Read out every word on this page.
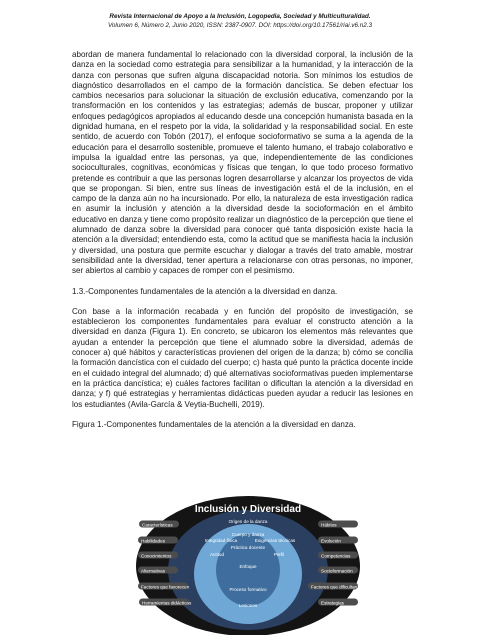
Revista Internacional de Apoyo a la Inclusión, Logopedia, Sociedad y Multiculturalidad.
Volumen 6, Número 2, Junio 2020, ISSN: 2387-0907. DOI: https://doi.org/10.17561/riai.v6.n2.3

abordan de manera fundamental lo relacionado con la diversidad corporal, la inclusión de la danza en la sociedad como estrategia para sensibilizar a la humanidad, y la interacción de la danza con personas que sufren alguna discapacidad notoria. Son mínimos los estudios de diagnóstico desarrollados en el campo de la formación dancística. Se deben efectuar los cambios necesarios para solucionar la situación de exclusión educativa, comenzando por la transformación en los contenidos y las estrategias; además de buscar, proponer y utilizar enfoques pedagógicos apropiados al educando desde una concepción humanista basada en la dignidad humana, en el respeto por la vida, la solidaridad y la responsabilidad social. En este sentido, de acuerdo con Tobón (2017), el enfoque socioformativo se suma a la agenda de la educación para el desarrollo sostenible, promueve el talento humano, el trabajo colaborativo e impulsa la igualdad entre las personas, ya que, independientemente de las condiciones socioculturales, cognitivas, económicas y físicas que tengan, lo que todo proceso formativo pretende es contribuir a que las personas logren desarrollarse y alcanzar los proyectos de vida que se propongan. Si bien, entre sus líneas de investigación está el de la inclusión, en el campo de la danza aún no ha incursionado. Por ello, la naturaleza de esta investigación radica en asumir la inclusión y atención a la diversidad desde la socioformación en el ámbito educativo en danza y tiene como propósito realizar un diagnóstico de la percepción que tiene el alumnado de danza sobre la diversidad para conocer qué tanta disposición existe hacia la atención a la diversidad; entendiendo esta, como la actitud que se manifiesta hacia la inclusión y diversidad, una postura que permite escuchar y dialogar a través del trato amable, mostrar sensibilidad ante la diversidad, tener apertura a relacionarse con otras personas, no imponer, ser abiertos al cambio y capaces de romper con el pesimismo.

1.3.-Componentes fundamentales de la atención a la diversidad en danza.

Con base a la información recabada y en función del propósito de investigación, se establecieron los componentes fundamentales para evaluar el constructo atención a la diversidad en danza (Figura 1). En concreto, se ubicaron los elementos más relevantes que ayudan a entender la percepción que tiene el alumnado sobre la diversidad, además de conocer a) qué hábitos y características provienen del origen de la danza; b) cómo se concilia la formación dancística con el cuidado del cuerpo; c) hasta qué punto la práctica docente incide en el cuidado integral del alumnado; d) qué alternativas socioformativas pueden implementarse en la práctica dancística; e) cuáles factores facilitan o dificultan la atención a la diversidad en danza; y f) qué estrategias y herramientas didácticas pueden ayudar a reducir las lesiones en los estudiantes (Avila-García & Veytia-Buchelli, 2019).

Figura 1.-Componentes fundamentales de la atención a la diversidad en danza.

Inclusión y Diversidad
Características
Habilidades
Conocimientos
Alternativas
Factores que favorecen
Herramientas didácticas
Hábitos
Evolución
Competencias
Socioformación
Factores que dificultan
Estrategias
Origen de la danza
Cuerpo y danza
Integridad física	Exigencias técnicas
Práctica docente
Actitud	Perfil
Enfoque
Proceso formativo
Lesiones
